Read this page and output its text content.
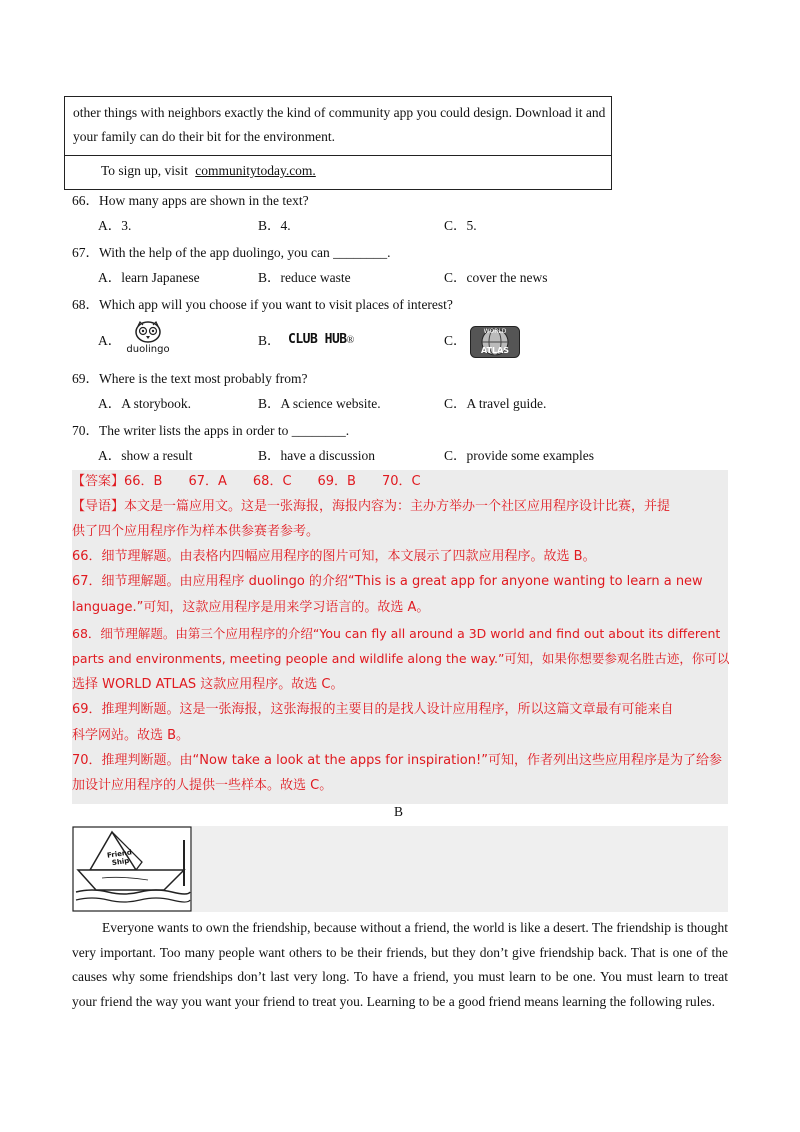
other things with neighbors exactly the kind of community app you could design. Download it and your family can do their bit for the environment.
To sign up, visit communitytoday.com.
66．How many apps are shown in the text?
A．3.	B．4.	C．5.
67．With the help of the app duolingo, you can ________.
A．learn Japanese	B．reduce waste	C．cover the news
68．Which app will you choose if you want to visit places of interest?
A．	B．	C．
duolingo
CLUB HUB®
WORLD
ATLAS
69．Where is the text most probably from?
A．A storybook.	B．A science website.	C．A travel guide.
70．The writer lists the apps in order to ________.
A．show a result	B．have a discussion	C．provide some examples
【答案】66．B　　67．A　　68．C　　69．B　　70．C
【导语】本文是一篇应用文。这是一张海报，海报内容为：主办方举办一个社区应用程序设计比赛，并提
供了四个应用程序作为样本供参赛者参考。
66．细节理解题。由表格内四幅应用程序的图片可知，本文展示了四款应用程序。故选 B。
67．细节理解题。由应用程序 duolingo 的介绍“This is a great app for anyone wanting to learn a new
language.”可知，这款应用程序是用来学习语言的。故选 A。
68．细节理解题。由第三个应用程序的介绍“You can fly all around a 3D world and find out about its different
parts and environments, meeting people and wildlife along the way.”可知，如果你想要参观名胜古迹，你可以
选择 WORLD ATLAS 这款应用程序。故选 C。
69．推理判断题。这是一张海报，这张海报的主要目的是找人设计应用程序，所以这篇文章最有可能来自
科学网站。故选 B。
70．推理判断题。由“Now take a look at the apps for inspiration!”可知，作者列出这些应用程序是为了给参
加设计应用程序的人提供一些样本。故选 C。
B
Friend Ship
Everyone wants to own the friendship, because without a friend, the world is like a desert. The friendship is thought very important. Too many people want others to be their friends, but they don’t give friendship back. That is one of the causes why some friendships don’t last very long. To have a friend, you must learn to be one. You must learn to treat your friend the way you want your friend to treat you. Learning to be a good friend means learning the following rules.
